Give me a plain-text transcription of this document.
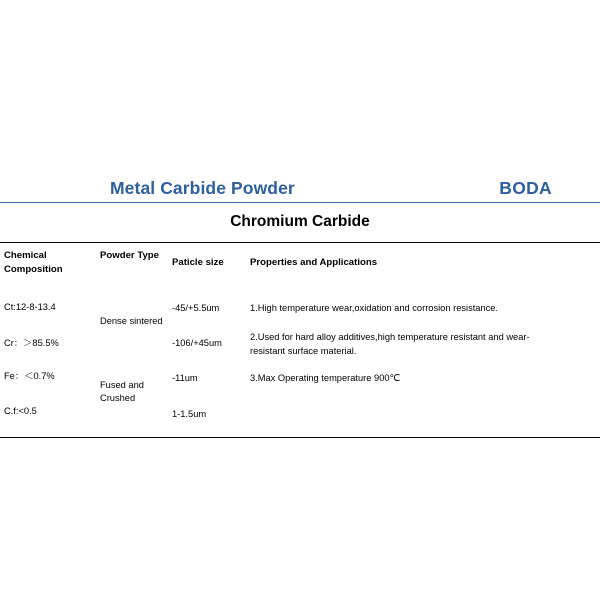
Metal Carbide Powder	BODA
Chromium Carbide
Chemical Composition
Powder Type
Paticle size	Properties and Applications
Ct:12-8-13.4
Cr：＞85.5%
Fe：＜0.7%
C.f:<0.5
Dense sintered
Fused and Crushed
-45/+5.5um
-106/+45um
-11um
1-1.5um
1.High temperature wear,oxidation and corrosion resistance.
2.Used for hard alloy additives,high temperature resistant and wear-resistant surface material.
3.Max Operating temperature 900℃
